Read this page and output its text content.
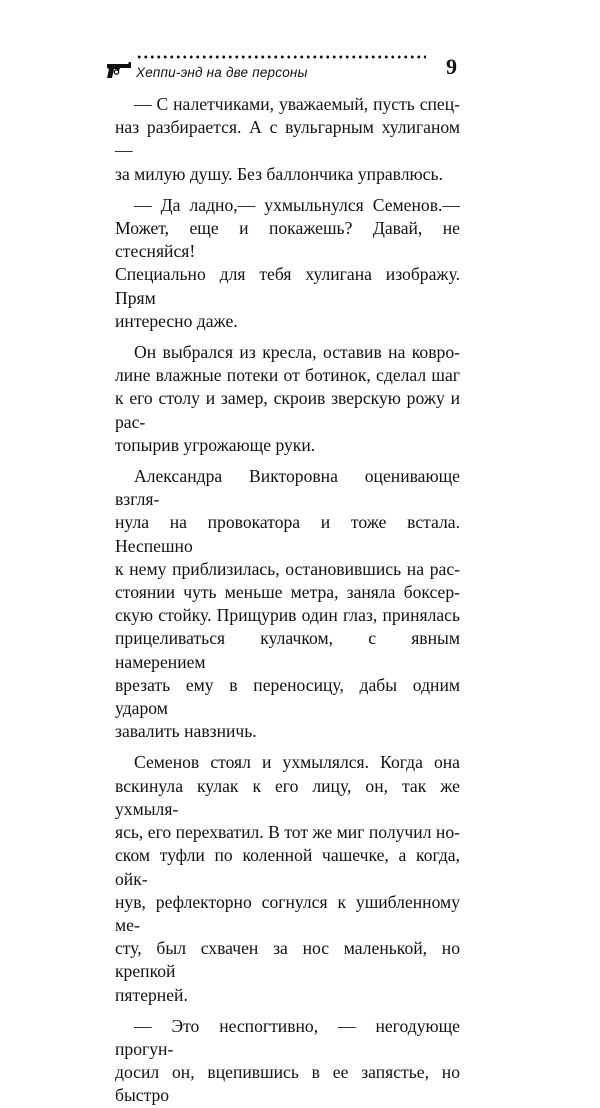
Хеппи-энд на две персоны	9

— С налетчиками, уважаемый, пусть спец-

наз разбирается. А с вульгарным хулиганом —

за милую душу. Без баллончика управлюсь.

— Да ладно,— ухмыльнулся Семенов.—

Может, еще и покажешь? Давай, не стесняйся!

Специально для тебя хулигана изображу. Прям

интересно даже.

Он выбрался из кресла, оставив на ковро-

лине влажные потеки от ботинок, сделал шаг

к его столу и замер, скроив зверскую рожу и рас-

топырив угрожающе руки.

Александра Викторовна оценивающе взгля-

нула на провокатора и тоже встала. Неспешно

к нему приблизилась, остановившись на рас-

стоянии чуть меньше метра, заняла боксер-

скую стойку. Прищурив один глаз, принялась

прицеливаться кулачком, с явным намерением

врезать ему в переносицу, дабы одним ударом

завалить навзничь.

Семенов стоял и ухмылялся. Когда она

вскинула кулак к его лицу, он, так же ухмыля-

ясь, его перехватил. В тот же миг получил но-

ском туфли по коленной чашечке, а когда, ойк-

нув, рефлекторно согнулся к ушибленному ме-

сту, был схвачен за нос маленькой, но крепкой

пятерней.

— Это неспогтивно, — негодующе прогун-

досил он, вцепившись в ее запястье, но быстро
